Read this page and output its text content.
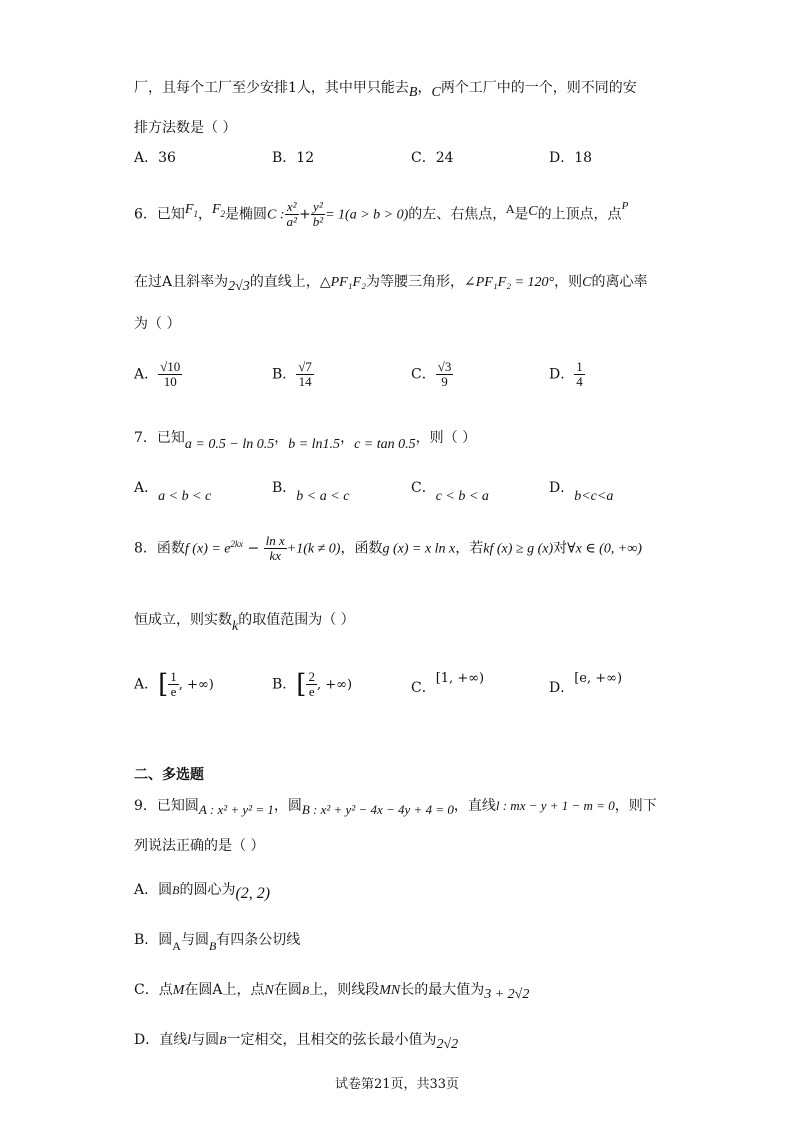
厂，且每个工厂至少安排1人，其中甲只能去B，C两个工厂中的一个，则不同的安
排方法数是（ ）
A．36	B．12	C．24	D．18
6．已知$F_1$，$F_2$是椭圆C : $\frac{\text{x²}}{\text{a²}} + \frac{\text{y²}}{\text{b²}} = 1(a > b > 0)$的左、右焦点，$^A$是C的上顶点，点$^P$
在过A且斜率为2√3的直线上，△PF₁F₂为等腰三角形，∠PF₁F₂ = 120°，则C的离心率
为（ ）
A． $\frac{√10}{10}$	B． $\frac{√7}{14}$	C． $\frac{√3}{9}$	D． $\frac{1}{4}$
7．已知a = 0.5 − ln 0.5，b = ln1.5，c = tan 0.5，则（ ）
A．a < b < c
B．b < a < c
C．c < b < a
D．b<c<a
8．函数f $(x) = e^{2kx} - \frac{\text{ln x}}{kx} +1(k \ne 0)$，函数g (x) = x ln x，若kf (x) ≥ g (x)对∀x ∈ (0, +∞)
恒成立，则实数k的取值范围为（ ）
A．[ $\frac{1}{e}$ , +∞)	B．[ $\frac{2}{e}$ , +∞)	C．[1, +∞)
D．[e, +∞)
二、多选题
9．已知圆A : x² + y² = 1，圆B : x² + y² − 4x − 4y + 4 = 0，直线l : mx − y + 1 − m = 0，则下
列说法正确的是（ ）
A．圆B的圆心为(2, 2)
B．圆A与圆B有四条公切线
C．点M在圆A上，点N在圆B上，则线段MN长的最大值为3 + 2√2
D．直线l与圆B一定相交，且相交的弦长最小值为2√2
试卷第21页，共33页
